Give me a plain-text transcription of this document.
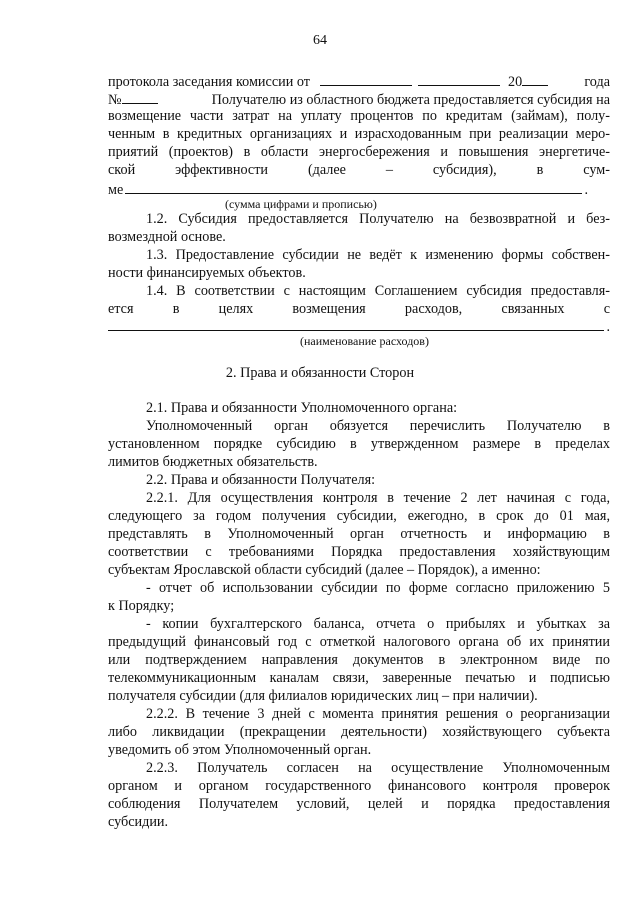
64
протокола заседания комиссии от	20	года
№	Получателю из областного бюджета предоставляется субсидия на
возмещение части затрат на уплату процентов по кредитам (займам), полу-
ченным в кредитных организациях и израсходованным при реализации меро-
приятий (проектов) в области энергосбережения и повышения энергетиче-
ской	эффективности	(далее	–	субсидия),	в	сум-
ме	.
(сумма цифрами и прописью)
1.2. Субсидия предоставляется Получателю на безвозвратной и без-
возмездной основе.
1.3. Предоставление субсидии не ведёт к изменению формы собствен-
ности финансируемых объектов.
1.4. В соответствии с настоящим Соглашением субсидия предоставля-
ется	в	целях	возмещения	расходов,	связанных	с
.
(наименование расходов)
2. Права и обязанности Сторон
2.1. Права и обязанности Уполномоченного органа:
Уполномоченный орган обязуется перечислить Получателю в
установленном порядке субсидию в утвержденном размере в пределах
лимитов бюджетных обязательств.
2.2. Права и обязанности Получателя:
2.2.1. Для осуществления контроля в течение 2 лет начиная с года,
следующего за годом получения субсидии, ежегодно, в срок до 01 мая,
представлять в Уполномоченный орган отчетность и информацию в
соответствии с требованиями Порядка предоставления хозяйствующим
субъектам Ярославской области субсидий (далее – Порядок), а именно:
- отчет об использовании субсидии по форме согласно приложению 5
к Порядку;
- копии бухгалтерского баланса, отчета о прибылях и убытках за
предыдущий финансовый год с отметкой налогового органа об их принятии
или подтверждением направления документов в электронном виде по
телекоммуникационным каналам связи, заверенные печатью и подписью
получателя субсидии (для филиалов юридических лиц – при наличии).
2.2.2. В течение 3 дней с момента принятия решения о реорганизации
либо ликвидации (прекращении деятельности) хозяйствующего субъекта
уведомить об этом Уполномоченный орган.
2.2.3. Получатель согласен на осуществление Уполномоченным
органом и органом государственного финансового контроля проверок
соблюдения Получателем условий, целей и порядка предоставления
субсидии.
